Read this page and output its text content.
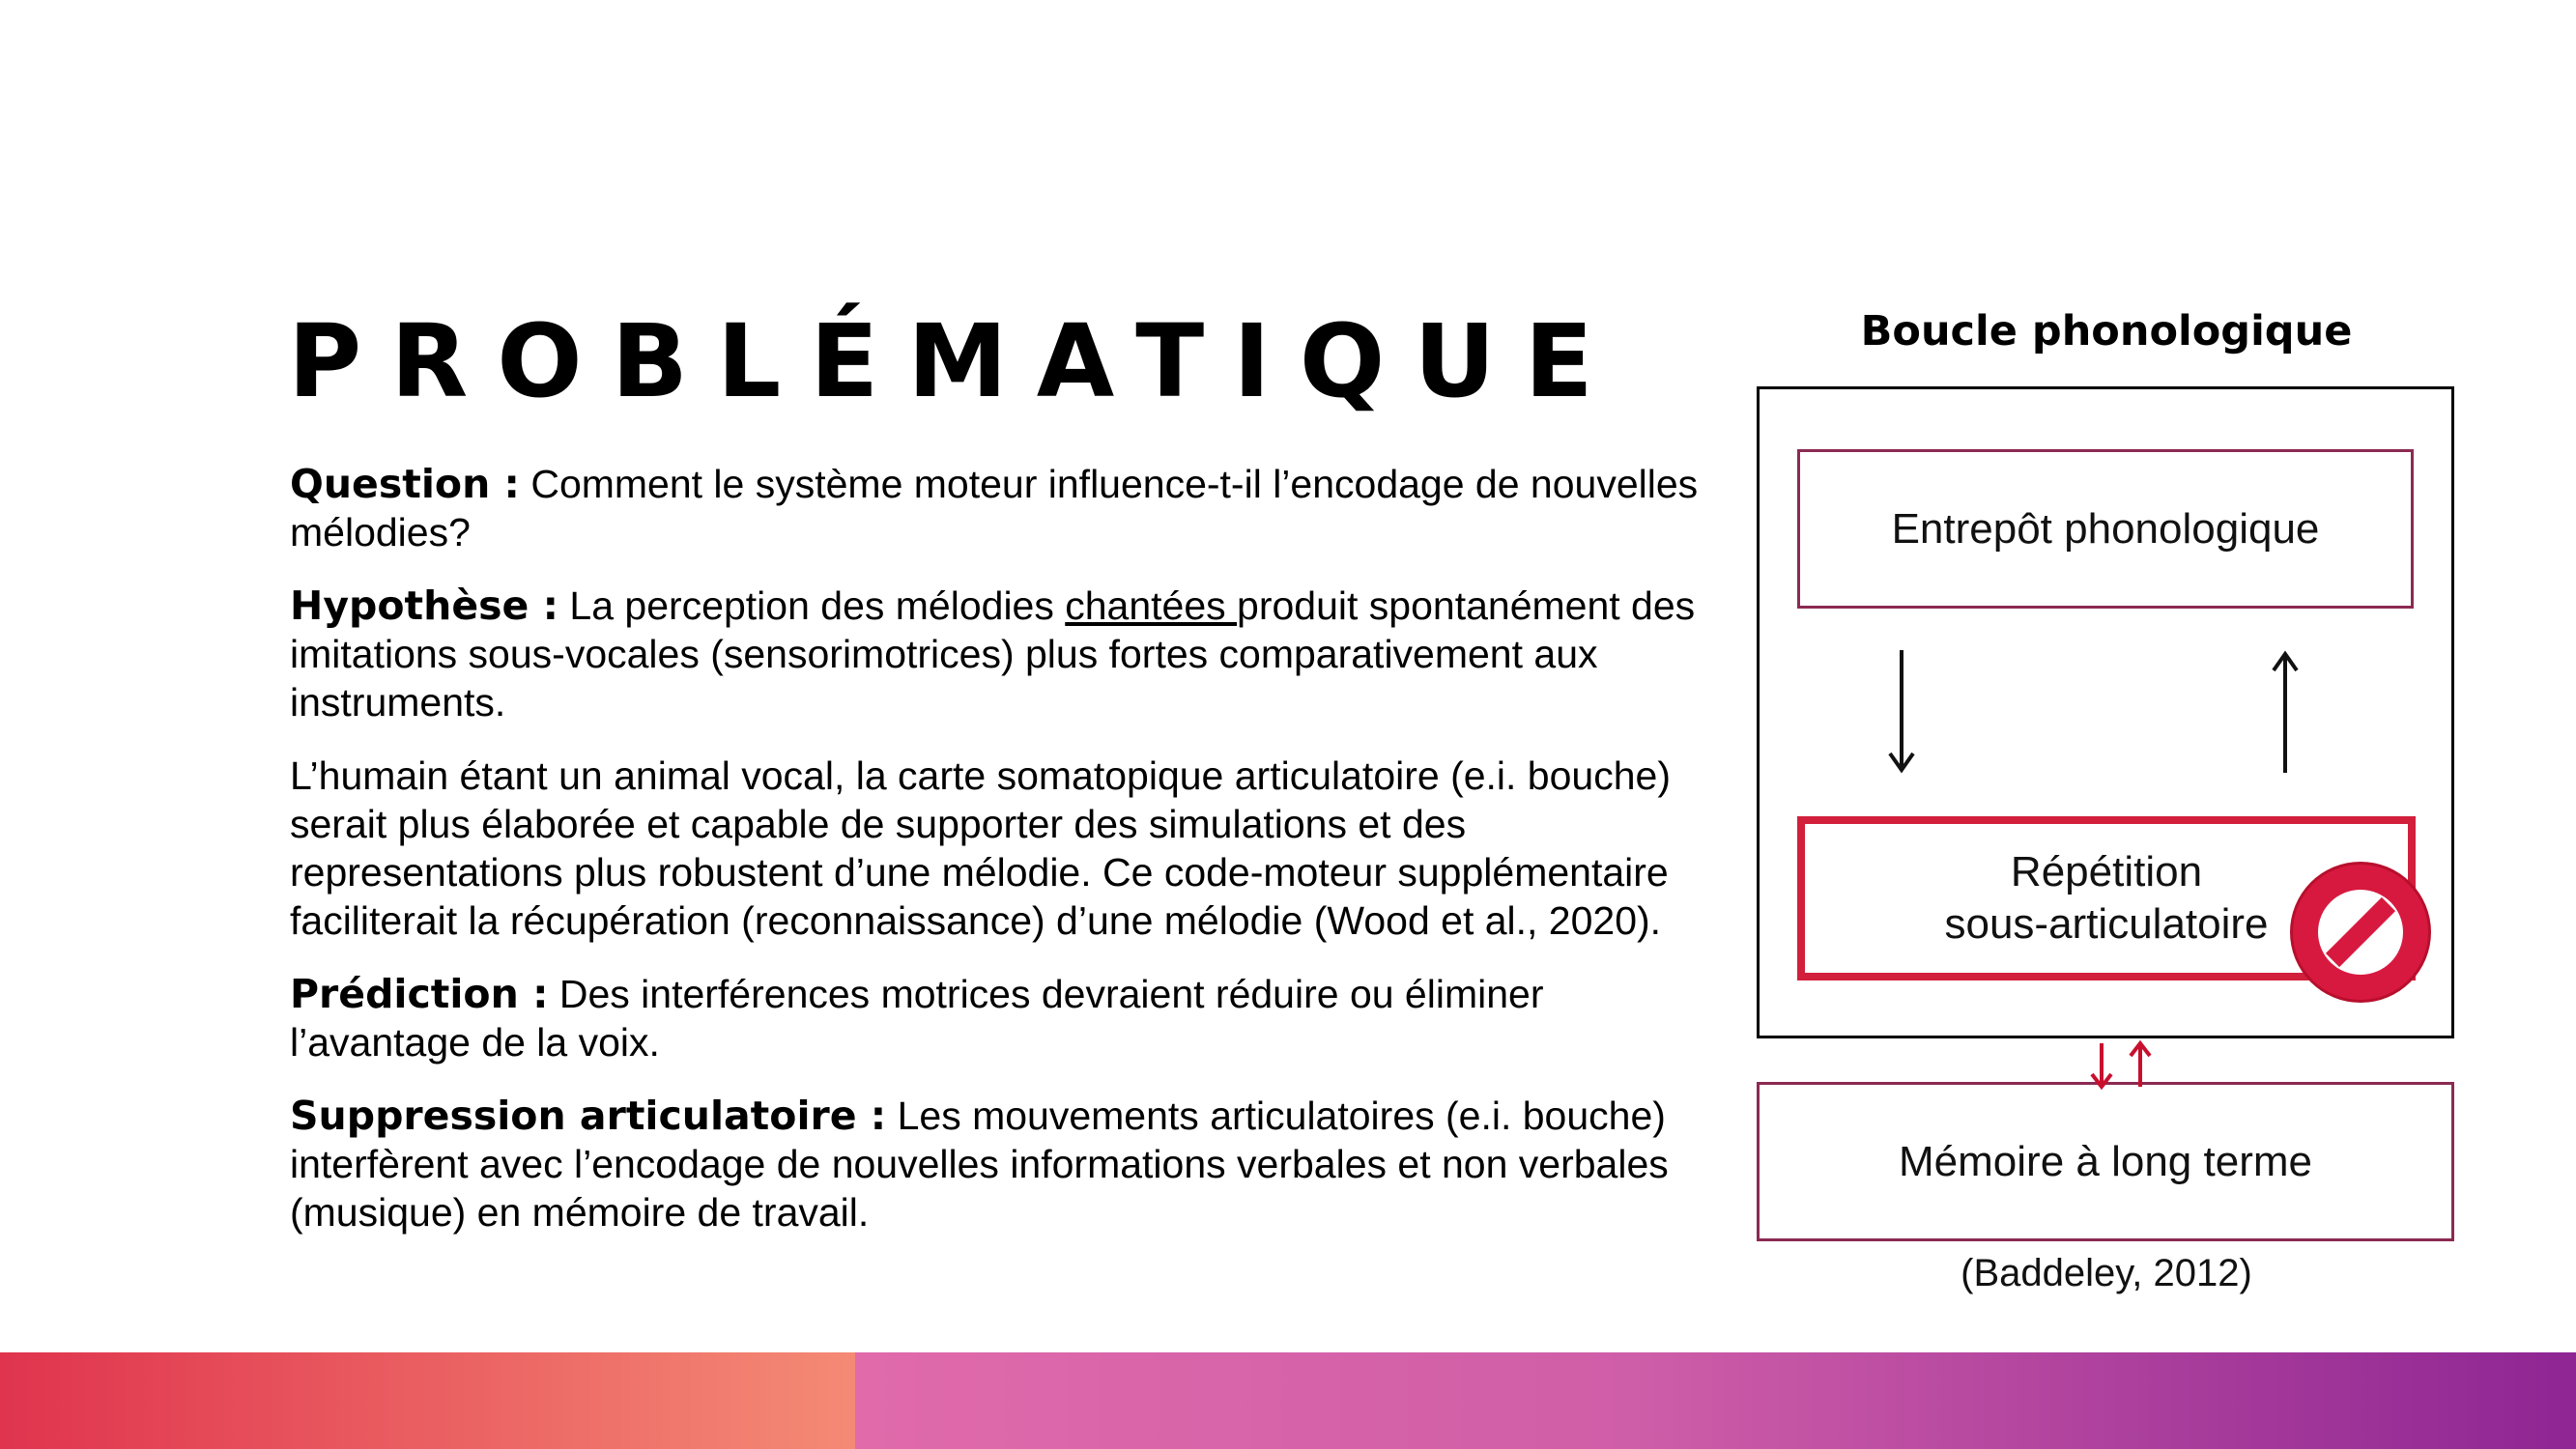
PROBLÉMATIQUE

Question : Comment le système moteur influence-t-il l’encodage de nouvelles mélodies?

Hypothèse : La perception des mélodies chantées produit spontanément des imitations sous-vocales (sensorimotrices) plus fortes comparativement aux instruments.

L’humain étant un animal vocal, la carte somatopique articulatoire (e.i. bouche) serait plus élaborée et capable de supporter des simulations et des representations plus robustent d’une mélodie. Ce code-moteur supplémentaire faciliterait la récupération (reconnaissance) d’une mélodie (Wood et al., 2020).

Prédiction : Des interférences motrices devraient réduire ou éliminer l’avantage de la voix.

Suppression articulatoire : Les mouvements articulatoires (e.i. bouche) interfèrent avec l’encodage de nouvelles informations verbales et non verbales (musique) en mémoire de travail.

Boucle phonologique
Entrepôt phonologique
Répétition
sous-articulatoire
Mémoire à long terme
(Baddeley, 2012)
